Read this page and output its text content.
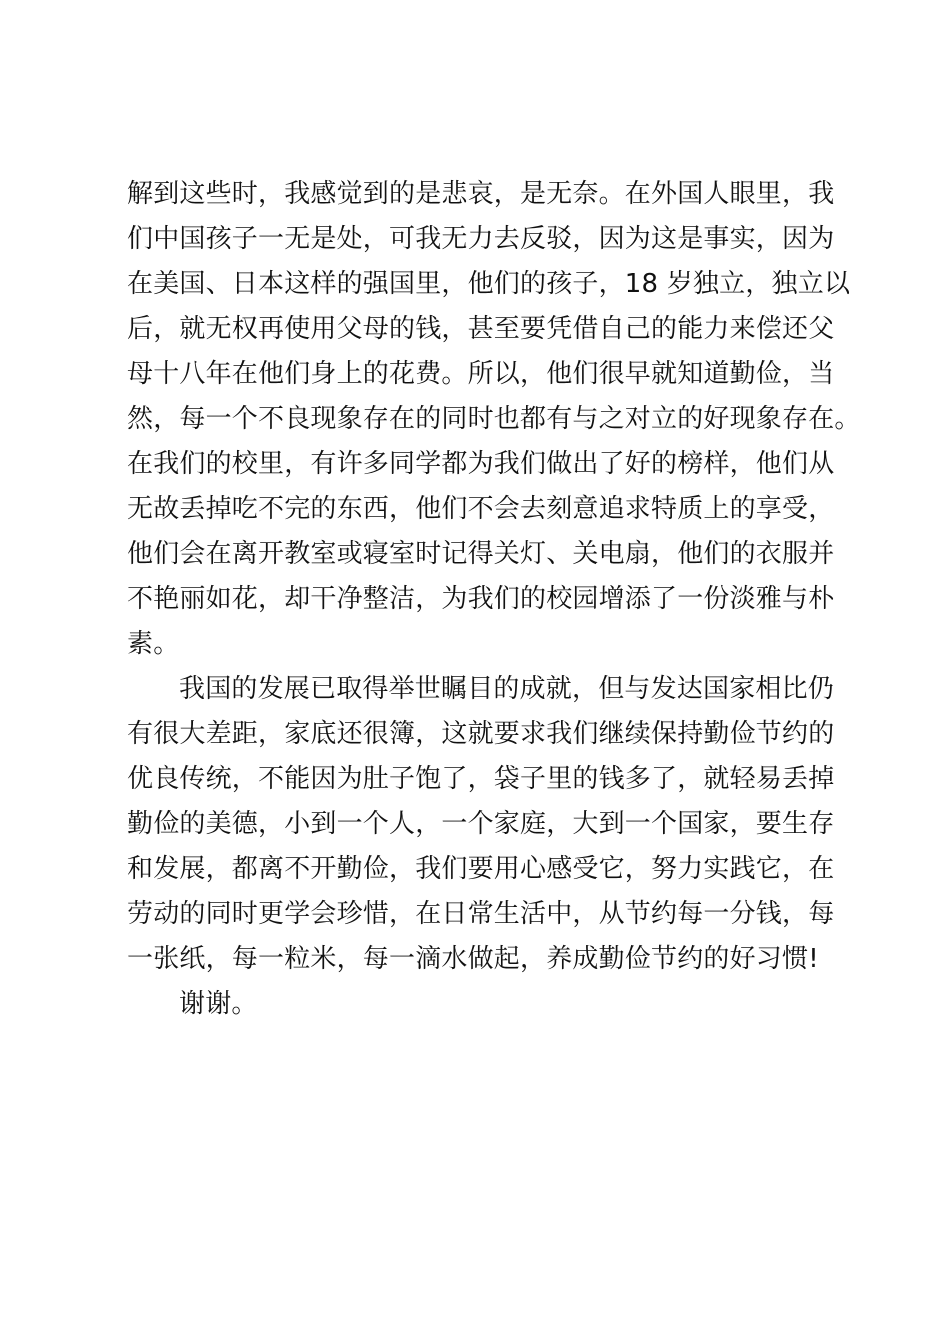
解到这些时，我感觉到的是悲哀，是无奈。在外国人眼里，我
们中国孩子一无是处，可我无力去反驳，因为这是事实，因为
在美国、日本这样的强国里，他们的孩子，18 岁独立，独立以
后，就无权再使用父母的钱，甚至要凭借自己的能力来偿还父
母十八年在他们身上的花费。所以，他们很早就知道勤俭，当
然，每一个不良现象存在的同时也都有与之对立的好现象存在。
在我们的校里，有许多同学都为我们做出了好的榜样，他们从
无故丢掉吃不完的东西，他们不会去刻意追求特质上的享受，
他们会在离开教室或寝室时记得关灯、关电扇，他们的衣服并
不艳丽如花，却干净整洁，为我们的校园增添了一份淡雅与朴
素。
我国的发展已取得举世瞩目的成就，但与发达国家相比仍
有很大差距，家底还很簿，这就要求我们继续保持勤俭节约的
优良传统，不能因为肚子饱了，袋子里的钱多了，就轻易丢掉
勤俭的美德，小到一个人，一个家庭，大到一个国家，要生存
和发展，都离不开勤俭，我们要用心感受它，努力实践它，在
劳动的同时更学会珍惜，在日常生活中，从节约每一分钱，每
一张纸，每一粒米，每一滴水做起，养成勤俭节约的好习惯!
谢谢。
